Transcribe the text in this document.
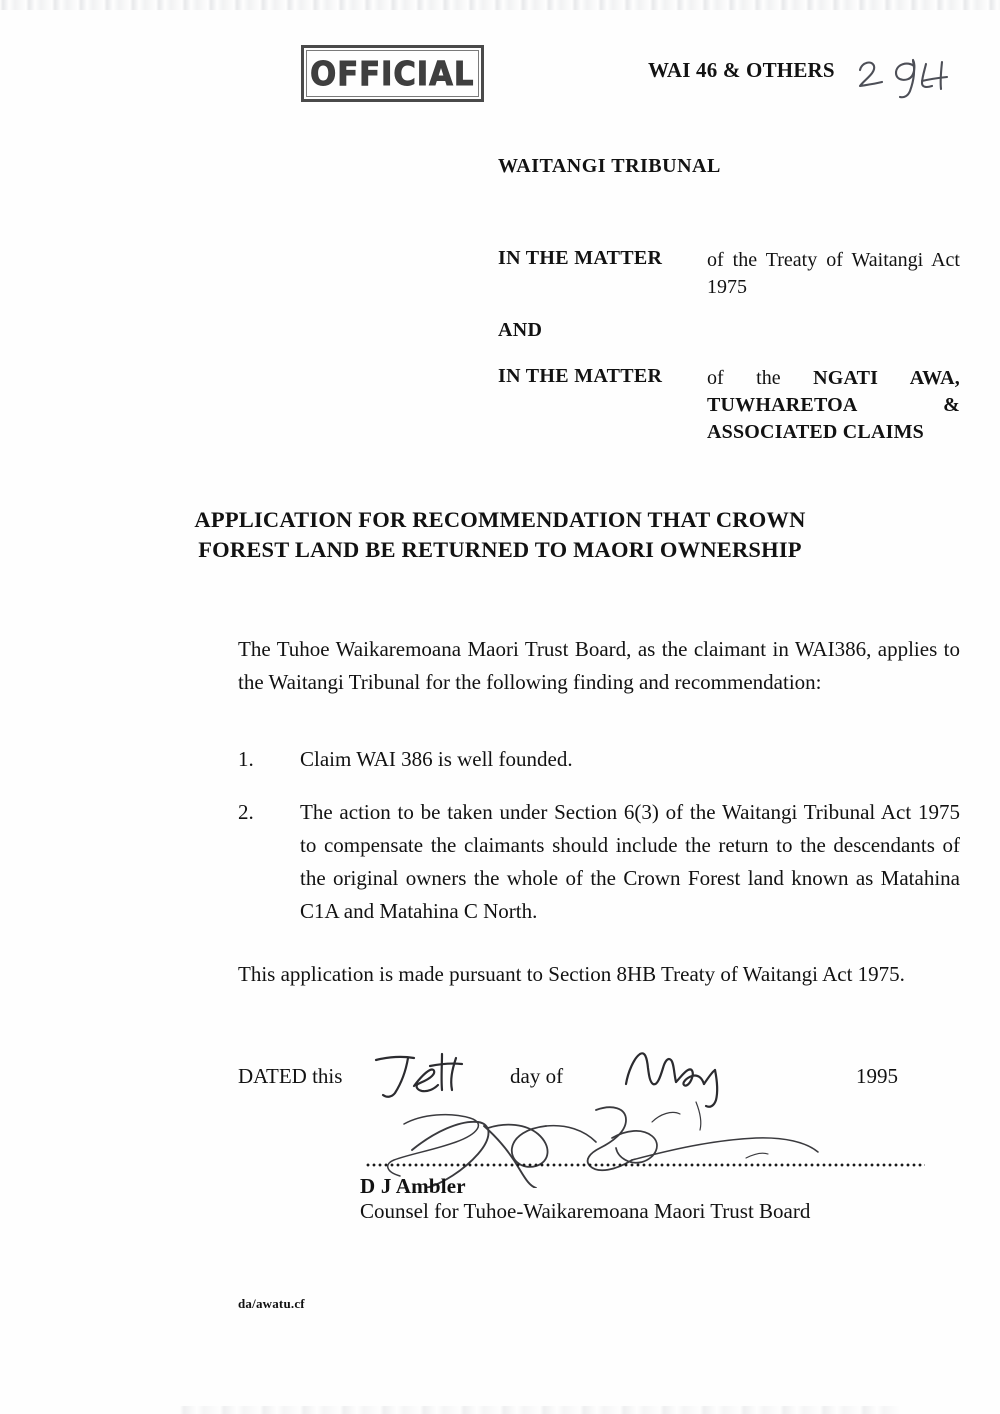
OFFICIAL	WAI 46 & OTHERS
WAITANGI TRIBUNAL
IN THE MATTER of the Treaty of Waitangi Act 1975
AND
IN THE MATTER of the NGATI AWA, TUWHARETOA & ASSOCIATED CLAIMS
APPLICATION FOR RECOMMENDATION THAT CROWN FOREST LAND BE RETURNED TO MAORI OWNERSHIP
The Tuhoe Waikaremoana Maori Trust Board, as the claimant in WAI386, applies to the Waitangi Tribunal for the following finding and recommendation:
1.	Claim WAI 386 is well founded.
2.	The action to be taken under Section 6(3) of the Waitangi Tribunal Act 1975 to compensate the claimants should include the return to the descendants of the original owners the whole of the Crown Forest land known as Matahina C1A and Matahina C North.
This application is made pursuant to Section 8HB Treaty of Waitangi Act 1975.
DATED this	day of	1995
D J Ambler
Counsel for Tuhoe-Waikaremoana Maori Trust Board
da/awatu.cf
